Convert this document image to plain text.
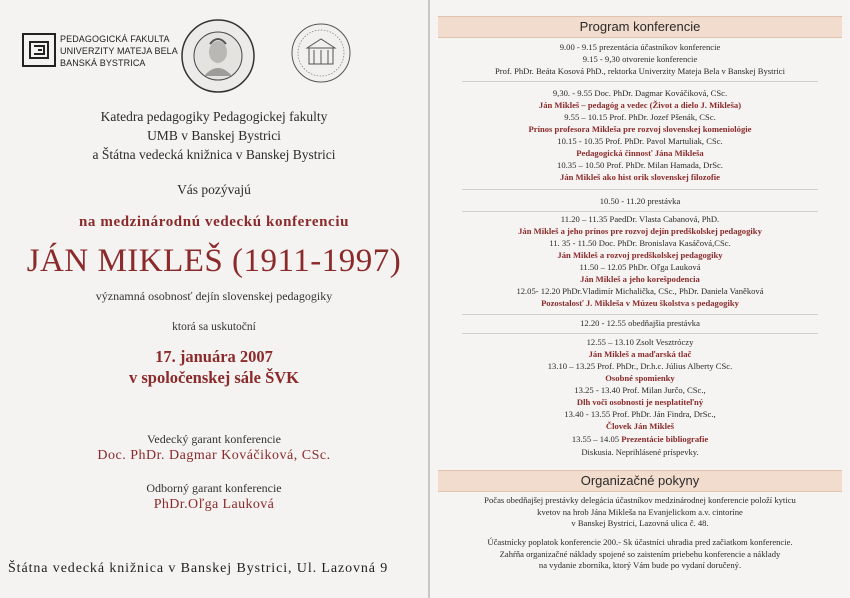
PEDAGOGICKÁ FAKULTA
UNIVERZITY MATEJA BELA
BANSKÁ BYSTRICA
Katedra pedagogiky Pedagogickej fakulty
UMB v Banskej Bystrici
a Štátna vedecká knižnica v Banskej Bystrici
Vás pozývajú
na medzinárodnú vedeckú konferenciu
JÁN MIKLEŠ (1911-1997)
významná osobnosť dejín slovenskej pedagogiky
ktorá sa uskutoční
17. januára 2007
v spoločenskej sále ŠVK
Vedecký garant konferencie
Doc. PhDr. Dagmar Kováčiková, CSc.
Odborný garant konferencie
PhDr.Oľga Lauková
Štátna vedecká knižnica v Banskej Bystrici, Ul. Lazovná 9
Program konferencie
9.00 - 9.15 prezentácia účastníkov konferencie
9.15 - 9,30 otvorenie konferencie
Prof. PhDr. Beáta Kosová PhD., rektorka Univerzity Mateja Bela v Banskej Bystrici
9,30. - 9.55 Doc. PhDr. Dagmar Kováčiková, CSc.
Ján Mikleš – pedagóg a vedec (Život a dielo J. Mikleša)
9.55 – 10.15 Prof. PhDr. Jozef Pšenák, CSc.
Prínos profesora Mikleša pre rozvoj slovenskej komeniológie
10.15 - 10.35 Prof. PhDr. Pavol Martuliak, CSc.
Pedagogická činnosť Jána Mikleša
10.35 – 10.50 Prof. PhDr. Milan Hamada, DrSc.
Ján Mikleš ako hist orik slovenskej filozofie
10.50 - 11.20 prestávka
11.20 – 11.35 PaedDr. Vlasta Cabanová, PhD.
Ján Mikleš a jeho prínos pre rozvoj dejín predškolskej pedagogiky
11. 35 - 11.50 Doc. PhDr. Bronislava Kasáčová,CSc.
Ján Mikleš a rozvoj predškolskej pedagogiky
11.50 – 12.05 PhDr. Oľga Lauková
Ján Mikleš a jeho korešpodencia
12.05- 12.20 PhDr.Vladimír Michalička, CSc., PhDr. Daniela Vaněková
Pozostalosť J. Mikleša v Múzeu školstva s pedagogiky
12.20 - 12.55 obedňajšia prestávka
12.55 – 13.10 Zsolt Vesztróczy
Ján Mikleš a maďarská tlač
13.10 – 13.25 Prof. PhDr., Dr.h.c. Július Alberty CSc.
Osobné spomienky
13.25 - 13.40 Prof. Milan Jurčo, CSc.,
Dlh voči osobnosti je nesplatiteľný
13.40 - 13.55 Prof. PhDr. Ján Findra, DrSc.,
Človek Ján Mikleš
13.55 – 14.05 Prezentácie bibliografie
Diskusia. Neprihlásené príspevky.
Organizačné pokyny
Počas obedňajšej prestávky delegácia účastníkov medzinárodnej konferencie položí kyticu
kvetov na hrob Jána Mikleša na Evanjelickom a.v. cintoríne
v Banskej Bystrici, Lazovná ulica č. 48.
Účastnícky poplatok konferencie 200.- Sk účastníci uhradia pred začiatkom konferencie.
Zahŕňa organizačné náklady spojené so zaistením priebehu konferencie a náklady
na vydanie zborníka, ktorý Vám bude po vydaní doručený.
